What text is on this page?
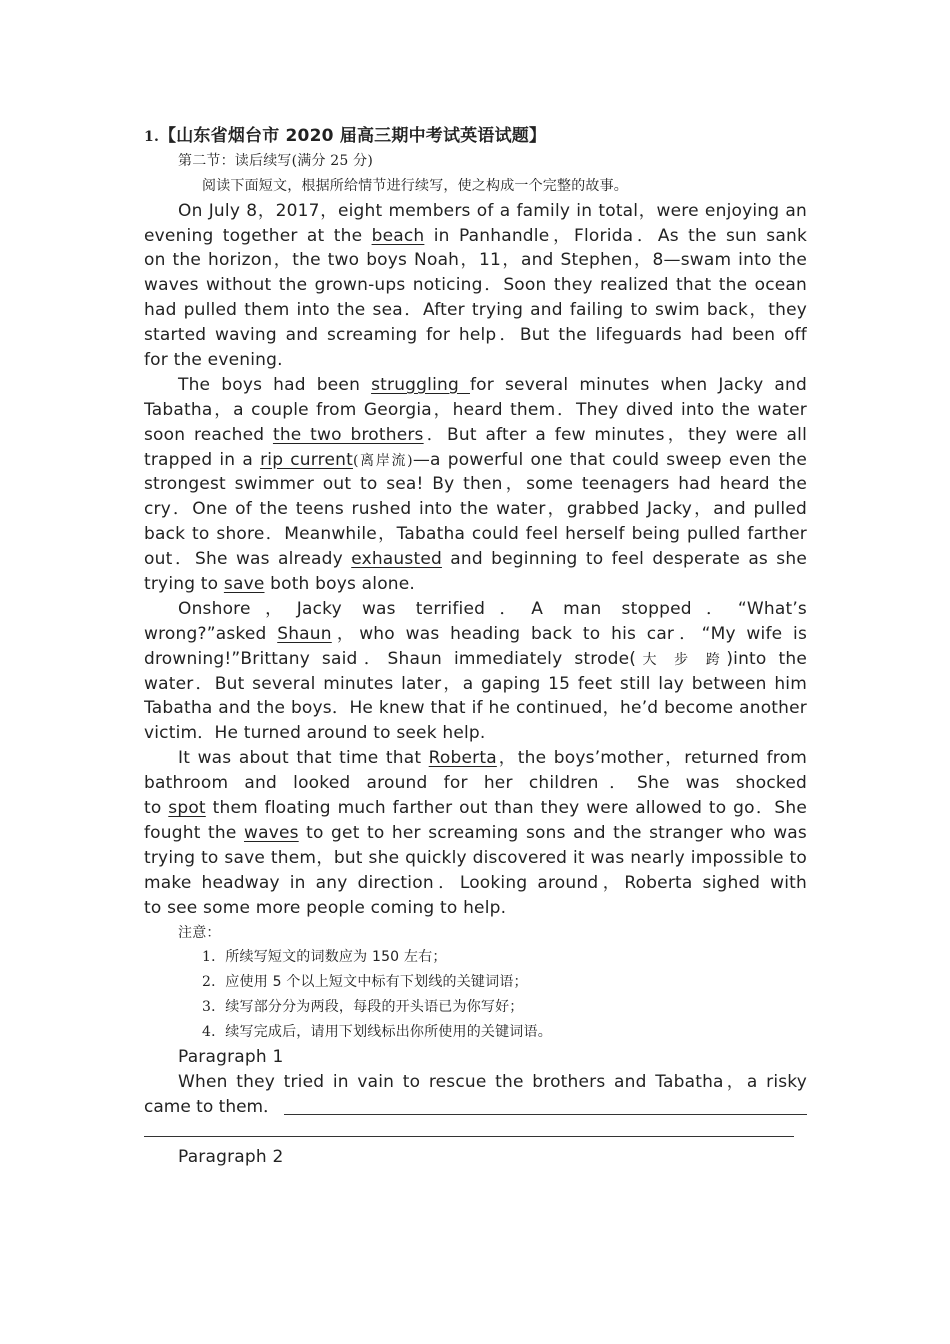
1.【山东省烟台市 2020 届高三期中考试英语试题】
第二节：读后续写(满分 25 分)
阅读下面短文，根据所给情节进行续写，使之构成一个完整的故事。
On July 8，2017，eight members of a family in total，were enjoying an
evening together at the beach in Panhandle，Florida．As the sun sank
on the horizon，the two boys Noah，11，and Stephen，8—swam into the
waves without the grown-ups noticing．Soon they realized that the ocean
had pulled them into the sea．After trying and failing to swim back，they
started waving and screaming for help．But the lifeguards had been off
for the evening.
The boys had been struggling for several minutes when Jacky and
Tabatha，a couple from Georgia，heard them．They dived into the water
soon reached the two brothers．But after a few minutes，they were all
trapped in a rip current(离岸流)—a powerful one that could sweep even the
strongest swimmer out to sea! By then，some teenagers had heard the
cry．One of the teens rushed into the water，grabbed Jacky，and pulled
back to shore．Meanwhile，Tabatha could feel herself being pulled farther
out．She was already exhausted and beginning to feel desperate as she
trying to save both boys alone.
Onshore，Jacky was terrified．A man stopped．“What’s
wrong?”asked Shaun，who was heading back to his car．“My wife is
drowning!”Brittany said．Shaun immediately strode(大 步 跨)into the
water．But several minutes later，a gaping 15 feet still lay between him
Tabatha and the boys．He knew that if he continued，he’d become another
victim．He turned around to seek help.
It was about that time that Roberta，the boys’mother，returned from
bathroom and looked around for her children．She was shocked
to spot them floating much farther out than they were allowed to go．She
fought the waves to get to her screaming sons and the stranger who was
trying to save them，but she quickly discovered it was nearly impossible to
make headway in any direction．Looking around，Roberta sighed with
to see some more people coming to help.
注意：
1．所续写短文的词数应为 150 左右；
2．应使用 5 个以上短文中标有下划线的关键词语；
3．续写部分分为两段，每段的开头语已为你写好；
4．续写完成后，请用下划线标出你所使用的关键词语。
Paragraph 1
When they tried in vain to rescue the brothers and Tabatha，a risky
came to them．
Paragraph 2
